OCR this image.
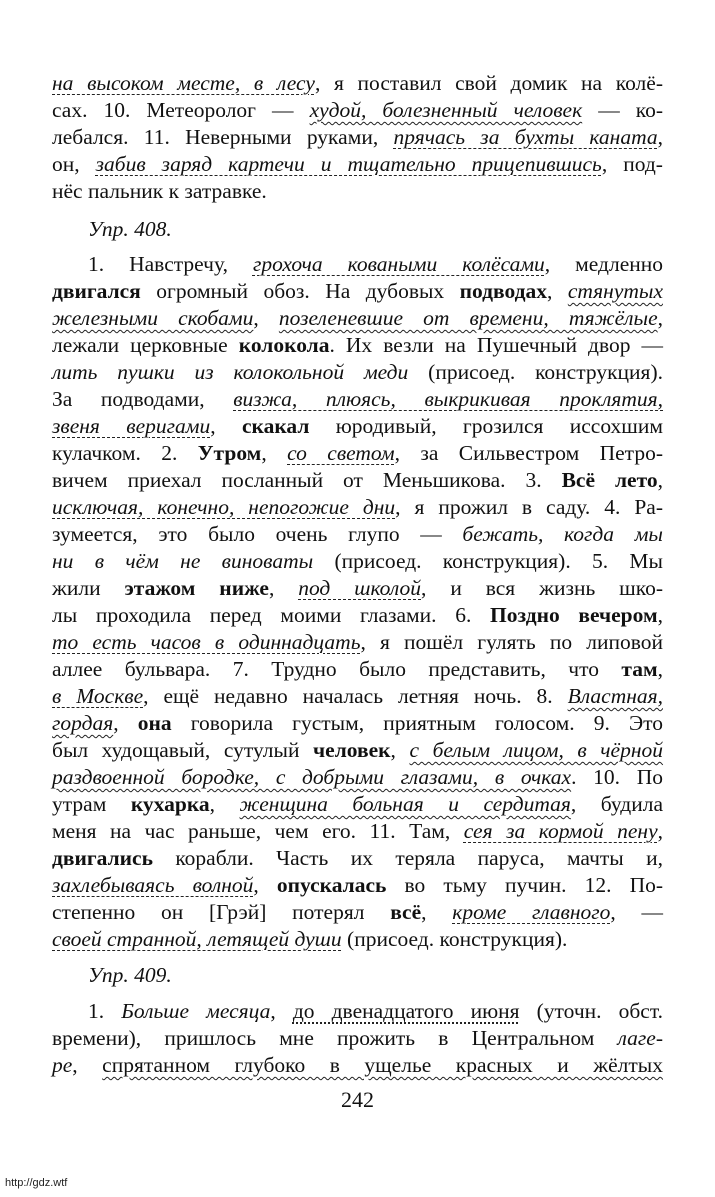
на высоком месте, в лесу, я поставил свой домик на колё-
сах. 10. Метеоролог — худой, болезненный человек — ко-
лебался. 11. Неверными руками, прячась за бухты каната,
он, забив заряд картечи и тщательно прицепившись, под-
нёс пальник к затравке.
Упр. 408.
1. Навстречу, грохоча коваными колёсами, медленно
двигался огромный обоз. На дубовых подводах, стянутых
железными скобами, позеленевшие от времени, тяжёлые,
лежали церковные колокола. Их везли на Пушечный двор —
лить пушки из колокольной меди (присоед. конструкция).
За подводами, визжа, плюясь, выкрикивая проклятия,
звеня веригами, скакал юродивый, грозился иссохшим
кулачком. 2. Утром, со светом, за Сильвестром Петро-
вичем приехал посланный от Меньшикова. 3. Всё лето,
исключая, конечно, непогожие дни, я прожил в саду. 4. Ра-
зумеется, это было очень глупо — бежать, когда мы
ни в чём не виноваты (присоед. конструкция). 5. Мы
жили этажом ниже, под школой, и вся жизнь шко-
лы проходила перед моими глазами. 6. Поздно вечером,
то есть часов в одиннадцать, я пошёл гулять по липовой
аллее бульвара. 7. Трудно было представить, что там,
в Москве, ещё недавно началась летняя ночь. 8. Властная,
гордая, она говорила густым, приятным голосом. 9. Это
был худощавый, сутулый человек, с белым лицом, в чёрной
раздвоенной бородке, с добрыми глазами, в очках. 10. По
утрам кухарка, женщина больная и сердитая, будила
меня на час раньше, чем его. 11. Там, сея за кормой пену,
двигались корабли. Часть их теряла паруса, мачты и,
захлебываясь волной, опускалась во тьму пучин. 12. По-
степенно он [Грэй] потерял всё, кроме главного, —
своей странной, летящей души (присоед. конструкция).
Упр. 409.
1. Больше месяца, до двенадцатого июня (уточн. обст.
времени), пришлось мне прожить в Центральном лаге-
ре, спрятанном глубоко в ущелье красных и жёлтых
242
http://gdz.wtf
